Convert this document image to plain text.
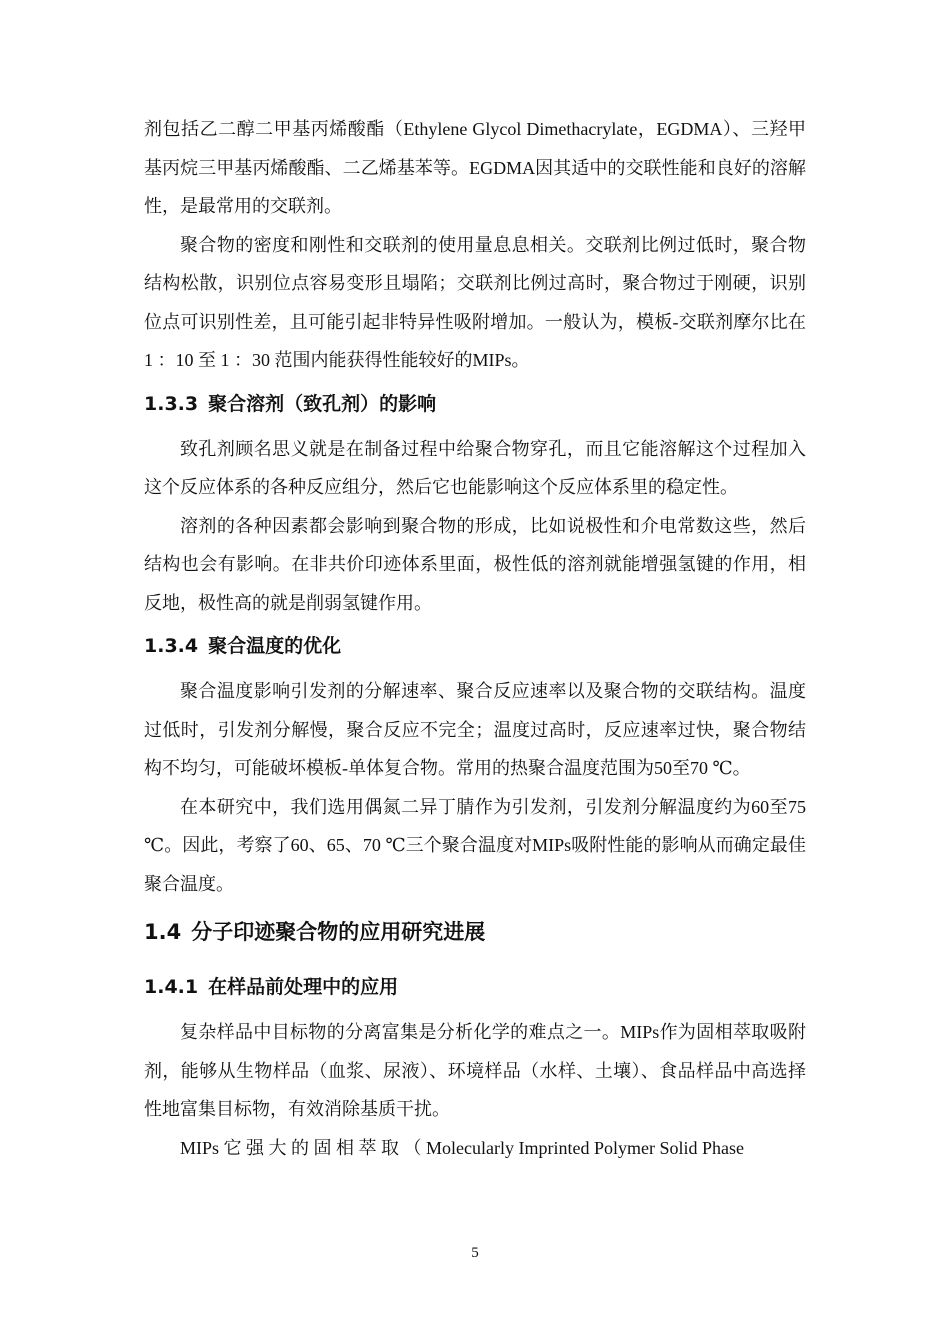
剂包括乙二醇二甲基丙烯酸酯（Ethylene Glycol Dimethacrylate，EGDMA）、三羟甲基丙烷三甲基丙烯酸酯、二乙烯基苯等。EGDMA因其适中的交联性能和良好的溶解性，是最常用的交联剂。

聚合物的密度和刚性和交联剂的使用量息息相关。交联剂比例过低时，聚合物结构松散，识别位点容易变形且塌陷；交联剂比例过高时，聚合物过于刚硬，识别位点可识别性差，且可能引起非特异性吸附增加。一般认为，模板-交联剂摩尔比在 1 ：10 至 1 ：30 范围内能获得性能较好的MIPs。

1.3.3 聚合溶剂（致孔剂）的影响

致孔剂顾名思义就是在制备过程中给聚合物穿孔，而且它能溶解这个过程加入这个反应体系的各种反应组分，然后它也能影响这个反应体系里的稳定性。

溶剂的各种因素都会影响到聚合物的形成，比如说极性和介电常数这些，然后结构也会有影响。在非共价印迹体系里面，极性低的溶剂就能增强氢键的作用，相反地，极性高的就是削弱氢键作用。

1.3.4 聚合温度的优化

聚合温度影响引发剂的分解速率、聚合反应速率以及聚合物的交联结构。温度过低时，引发剂分解慢，聚合反应不完全；温度过高时，反应速率过快，聚合物结构不均匀，可能破坏模板-单体复合物。常用的热聚合温度范围为50至70 ℃。

在本研究中，我们选用偶氮二异丁腈作为引发剂，引发剂分解温度约为60至75 ℃。因此，考察了60、65、70 ℃三个聚合温度对MIPs吸附性能的影响从而确定最佳聚合温度。

1.4 分子印迹聚合物的应用研究进展
1.4.1 在样品前处理中的应用

复杂样品中目标物的分离富集是分析化学的难点之一。MIPs作为固相萃取吸附剂，能够从生物样品（血浆、尿液）、环境样品（水样、土壤）、食品样品中高选择性地富集目标物，有效消除基质干扰。

MIPs 它 强 大 的 固 相 萃 取 （ Molecularly Imprinted Polymer Solid Phase

5
